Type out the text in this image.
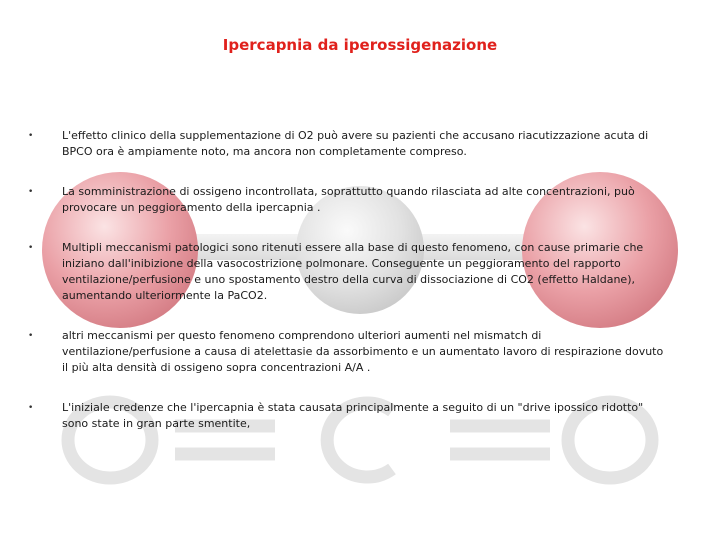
Ipercapnia da iperossigenazione
•	L'effetto clinico della supplementazione di O2 può avere su pazienti che accusano riacutizzazione acuta di BPCO ora è ampiamente noto, ma ancora non completamente compreso.
•	La somministrazione di ossigeno incontrollata, soprattutto quando rilasciata ad alte concentrazioni, può provocare un peggioramento della ipercapnia .
•	Multipli meccanismi patologici sono ritenuti essere alla base di questo fenomeno, con cause primarie che iniziano dall'inibizione della vasocostrizione polmonare. Conseguente un peggioramento del rapporto ventilazione/perfusione e uno spostamento destro della curva di dissociazione di CO2 (effetto Haldane), aumentando ulteriormente la PaCO2.
•	altri meccanismi per questo fenomeno comprendono ulteriori aumenti nel mismatch di ventilazione/perfusione a causa di atelettasie da assorbimento e un aumentato lavoro di respirazione dovuto il più alta densità di ossigeno sopra concentrazioni A/A .
•	L'iniziale credenze che l'ipercapnia è stata causata principalmente a seguito di un "drive ipossico ridotto" sono state in gran parte smentite,
